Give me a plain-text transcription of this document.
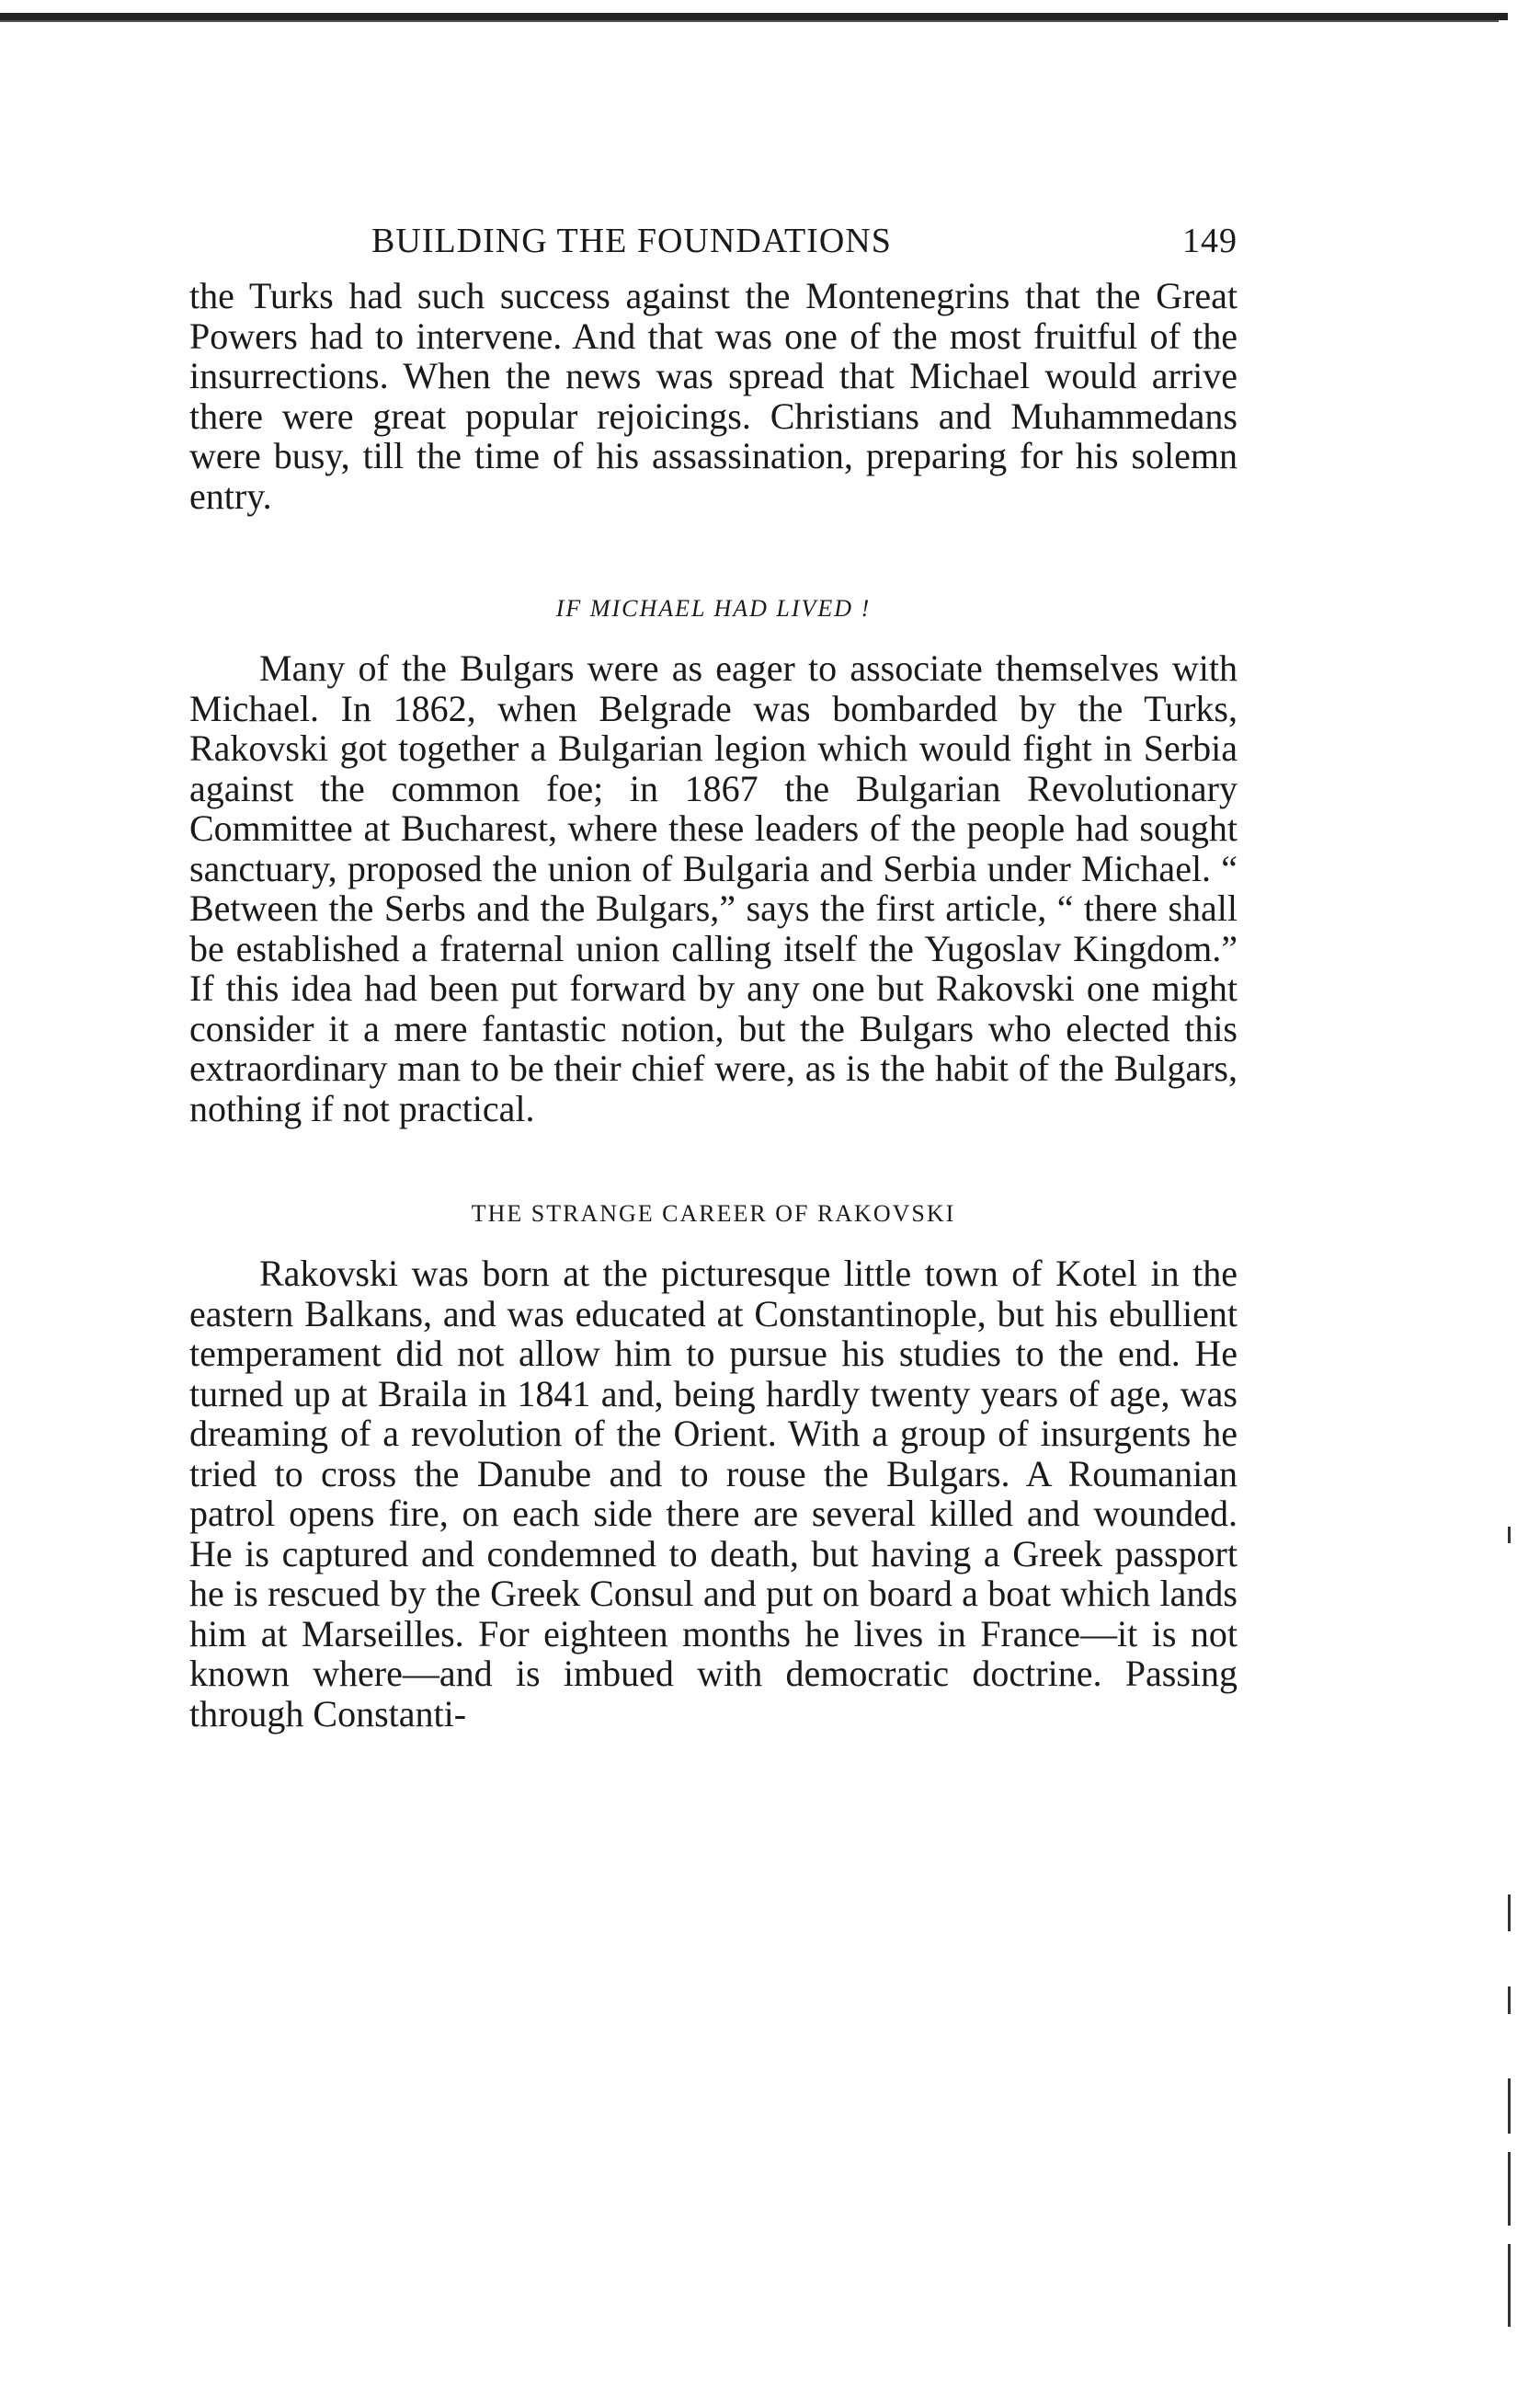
BUILDING THE FOUNDATIONS	149

the Turks had such success against the Montenegrins that the Great Powers had to intervene. And that was one of the most fruitful of the insurrections. When the news was spread that Michael would arrive there were great popular rejoicings. Christians and Muhammedans were busy, till the time of his assassination, preparing for his solemn entry.

IF MICHAEL HAD LIVED !

Many of the Bulgars were as eager to associate themselves with Michael. In 1862, when Belgrade was bombarded by the Turks, Rakovski got together a Bulgarian legion which would fight in Serbia against the common foe; in 1867 the Bulgarian Revolutionary Committee at Bucharest, where these leaders of the people had sought sanctuary, proposed the union of Bulgaria and Serbia under Michael. “ Between the Serbs and the Bulgars,” says the first article, “ there shall be established a fraternal union calling itself the Yugoslav Kingdom.” If this idea had been put forward by any one but Rakovski one might consider it a mere fantastic notion, but the Bulgars who elected this extraordinary man to be their chief were, as is the habit of the Bulgars, nothing if not practical.

THE STRANGE CAREER OF RAKOVSKI

Rakovski was born at the picturesque little town of Kotel in the eastern Balkans, and was educated at Constantinople, but his ebullient temperament did not allow him to pursue his studies to the end. He turned up at Braila in 1841 and, being hardly twenty years of age, was dreaming of a revolution of the Orient. With a group of insurgents he tried to cross the Danube and to rouse the Bulgars. A Roumanian patrol opens fire, on each side there are several killed and wounded. He is captured and condemned to death, but having a Greek passport he is rescued by the Greek Consul and put on board a boat which lands him at Marseilles. For eighteen months he lives in France—it is not known where—and is imbued with democratic doctrine. Passing through Constanti-
